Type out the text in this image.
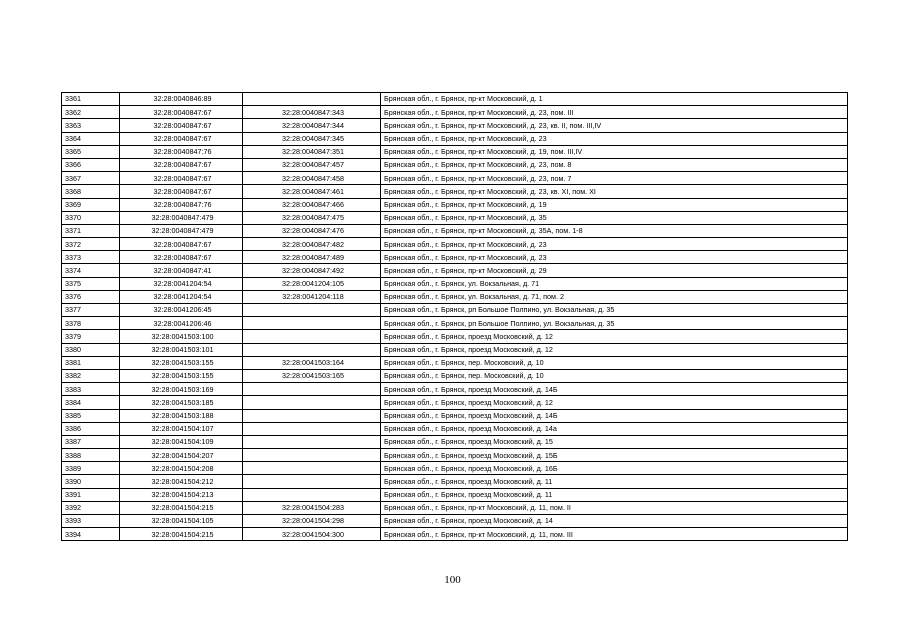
3361	32:28:0040846:89		Брянская обл., г. Брянск, пр-кт Московский, д. 1
3362	32:28:0040847:67	32:28:0040847:343	Брянская обл., г. Брянск, пр-кт Московский, д. 23, пом. III
3363	32:28:0040847:67	32:28:0040847:344	Брянская обл., г. Брянск, пр-кт Московский, д. 23, кв. II, пом. III,IV
3364	32:28:0040847:67	32:28:0040847:345	Брянская обл., г. Брянск, пр-кт Московский, д. 23
3365	32:28:0040847:76	32:28:0040847:351	Брянская обл., г. Брянск, пр-кт Московский, д. 19, пом. III,IV
3366	32:28:0040847:67	32:28:0040847:457	Брянская обл., г. Брянск, пр-кт Московский, д. 23, пом. 8
3367	32:28:0040847:67	32:28:0040847:458	Брянская обл., г. Брянск, пр-кт Московский, д. 23, пом. 7
3368	32:28:0040847:67	32:28:0040847:461	Брянская обл., г. Брянск, пр-кт Московский, д. 23, кв. XI, пом. XI
3369	32:28:0040847:76	32:28:0040847:466	Брянская обл., г. Брянск, пр-кт Московский, д. 19
3370	32:28:0040847:479	32:28:0040847:475	Брянская обл., г. Брянск, пр-кт Московский, д. 35
3371	32:28:0040847:479	32:28:0040847:476	Брянская обл., г. Брянск, пр-кт Московский, д. 35А, пом. 1-8
3372	32:28:0040847:67	32:28:0040847:482	Брянская обл., г. Брянск, пр-кт Московский, д. 23
3373	32:28:0040847:67	32:28:0040847:489	Брянская обл., г. Брянск, пр-кт Московский, д. 23
3374	32:28:0040847:41	32:28:0040847:492	Брянская обл., г. Брянск, пр-кт Московский, д. 29
3375	32:28:0041204:54	32:28:0041204:105	Брянская обл., г. Брянск, ул. Вокзальная, д. 71
3376	32:28:0041204:54	32:28:0041204:118	Брянская обл., г. Брянск, ул. Вокзальная, д. 71, пом. 2
3377	32:28:0041206:45		Брянская обл., г. Брянск, рп Большое Полпино, ул. Вокзальная, д. 35
3378	32:28:0041206:46		Брянская обл., г. Брянск, рп Большое Полпино, ул. Вокзальная, д. 35
3379	32:28:0041503:100		Брянская обл., г. Брянск, проезд Московский, д. 12
3380	32:28:0041503:101		Брянская обл., г. Брянск, проезд Московский, д. 12
3381	32:28:0041503:155	32:28:0041503:164	Брянская обл., г. Брянск, пер. Московский, д. 10
3382	32:28:0041503:155	32:28:0041503:165	Брянская обл., г. Брянск, пер. Московский, д. 10
3383	32:28:0041503:169		Брянская обл., г. Брянск, проезд Московский, д. 14Б
3384	32:28:0041503:185		Брянская обл., г. Брянск, проезд Московский, д. 12
3385	32:28:0041503:188		Брянская обл., г. Брянск, проезд Московский, д. 14Б
3386	32:28:0041504:107		Брянская обл., г. Брянск, проезд Московский, д. 14а
3387	32:28:0041504:109		Брянская обл., г. Брянск, проезд Московский, д. 15
3388	32:28:0041504:207		Брянская обл., г. Брянск, проезд Московский, д. 15Б
3389	32:28:0041504:208		Брянская обл., г. Брянск, проезд Московский, д. 16Б
3390	32:28:0041504:212		Брянская обл., г. Брянск, проезд Московский, д. 11
3391	32:28:0041504:213		Брянская обл., г. Брянск, проезд Московский, д. 11
3392	32:28:0041504:215	32:28:0041504:283	Брянская обл., г. Брянск, пр-кт Московский, д. 11, пом. II
3393	32:28:0041504:105	32:28:0041504:298	Брянская обл., г. Брянск, проезд Московский, д. 14
3394	32:28:0041504:215	32:28:0041504:300	Брянская обл., г. Брянск, пр-кт Московский, д. 11, пом. III
100
